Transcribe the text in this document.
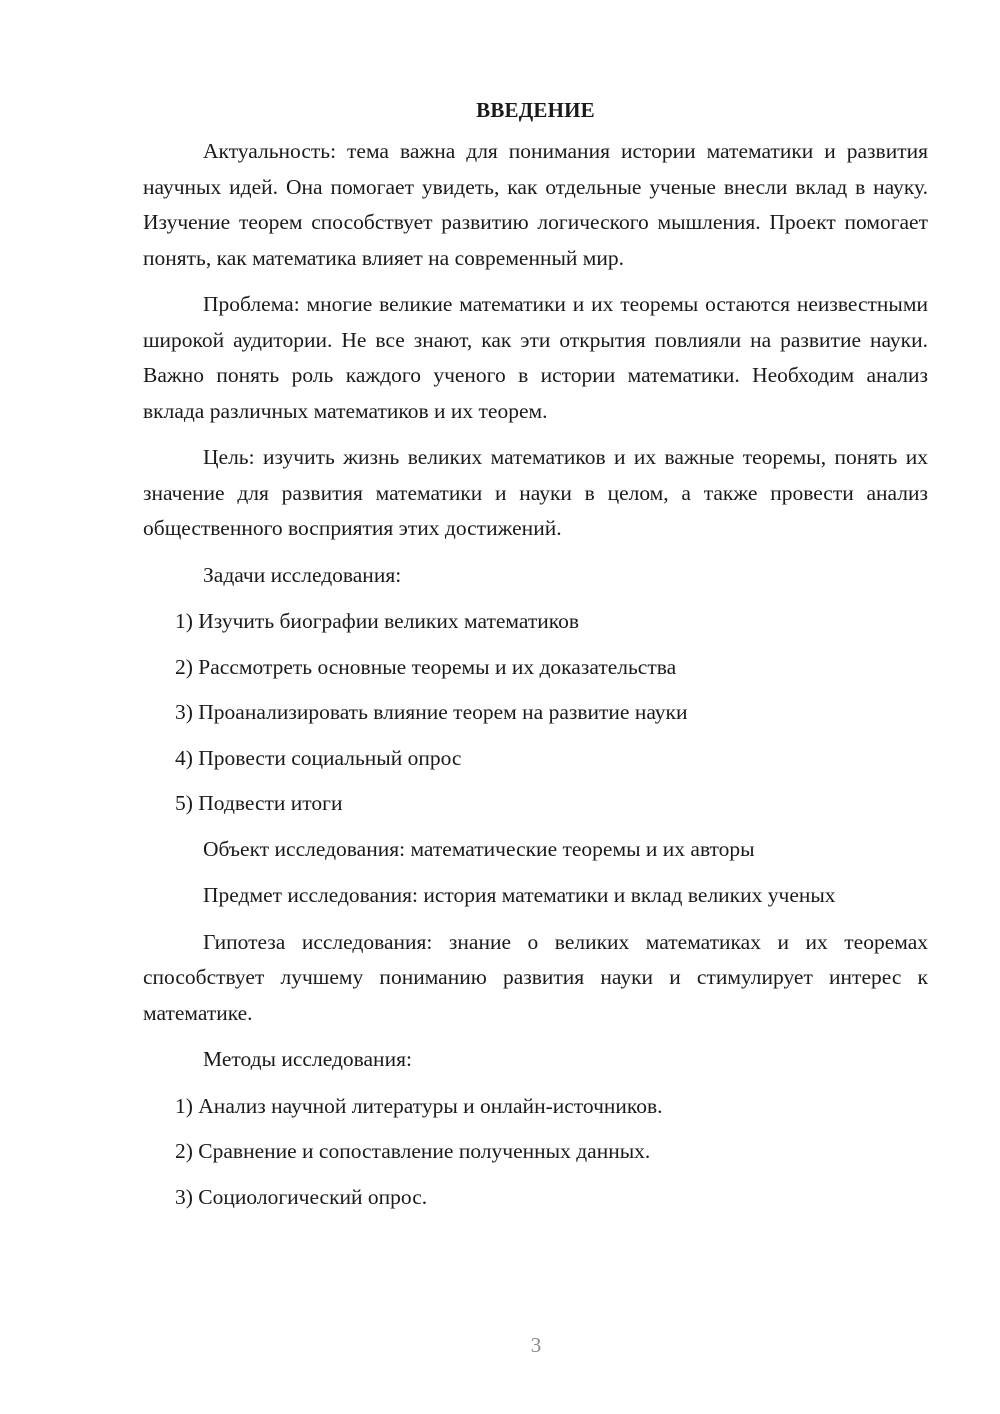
ВВЕДЕНИЕ

Актуальность: тема важна для понимания истории математики и развития научных идей. Она помогает увидеть, как отдельные ученые внесли вклад в науку. Изучение теорем способствует развитию логического мышления. Проект помогает понять, как математика влияет на современный мир.

Проблема: многие великие математики и их теоремы остаются неизвестными широкой аудитории. Не все знают, как эти открытия повлияли на развитие науки. Важно понять роль каждого ученого в истории математики. Необходим анализ вклада различных математиков и их теорем.

Цель: изучить жизнь великих математиков и их важные теоремы, понять их значение для развития математики и науки в целом, а также провести анализ общественного восприятия этих достижений.

Задачи исследования:

1) Изучить биографии великих математиков
2) Рассмотреть основные теоремы и их доказательства
3) Проанализировать влияние теорем на развитие науки
4) Провести социальный опрос
5) Подвести итоги

Объект исследования: математические теоремы и их авторы

Предмет исследования: история математики и вклад великих ученых

Гипотеза исследования: знание о великих математиках и их теоремах способствует лучшему пониманию развития науки и стимулирует интерес к математике.

Методы исследования:

1) Анализ научной литературы и онлайн-источников.
2) Сравнение и сопоставление полученных данных.
3) Социологический опрос.
3
